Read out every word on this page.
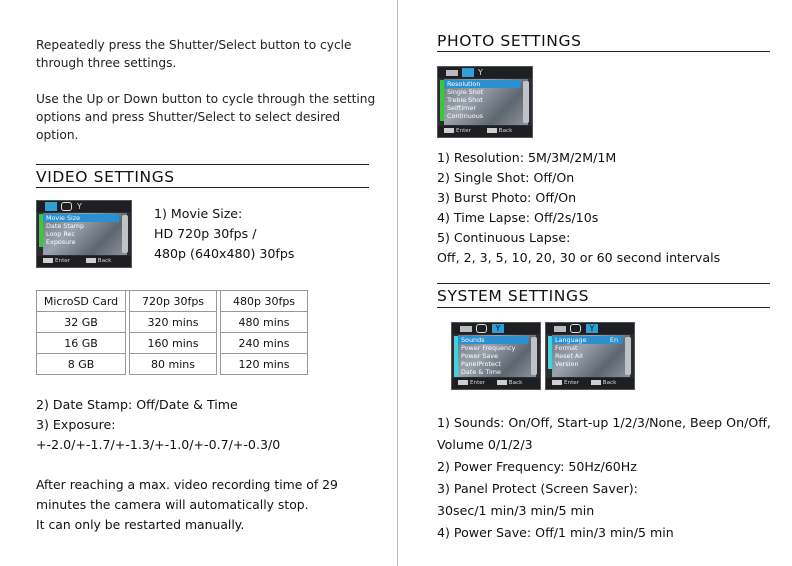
Repeatedly press the Shutter/Select button to cycle through three settings.

Use the Up or Down button to cycle through the setting options and press Shutter/Select to select desired option.

VIDEO SETTINGS
Y
Movie Size
Date Stamp
Loop Rec
Exposure
Enter	Back
1) Movie Size:
HD 720p 30fps /
480p (640x480) 30fps
MicroSD Card		720p 30fps		480p 30fps
32 GB		320 mins		480 mins
16 GB		160 mins		240 mins
8 GB		80 mins		120 mins
2) Date Stamp: Off/Date & Time
3) Exposure:
+-2.0/+-1.7/+-1.3/+-1.0/+-0.7/+-0.3/0
After reaching a max. video recording time of 29
minutes the camera will automatically stop.
It can only be restarted manually.
PHOTO SETTINGS
Y
Resolution
Single Shot
Treble Shot
Selftimer
Continuous
Enter	Back
1) Resolution: 5M/3M/2M/1M
2) Single Shot: Off/On
3) Burst Photo: Off/On
4) Time Lapse: Off/2s/10s
5) Continuous Lapse:
Off, 2, 3, 5, 10, 20, 30 or 60 second intervals
SYSTEM SETTINGS
Y
Sounds
Power Frequency
Power Save
PanelProtect
Date & Time
Enter	Back
Y
Language	En
Format
Reset All
Version
Enter	Back
1) Sounds: On/Off, Start-up 1/2/3/None, Beep On/Off,
Volume 0/1/2/3
2) Power Frequency: 50Hz/60Hz
3) Panel Protect (Screen Saver):
30sec/1 min/3 min/5 min
4) Power Save: Off/1 min/3 min/5 min
